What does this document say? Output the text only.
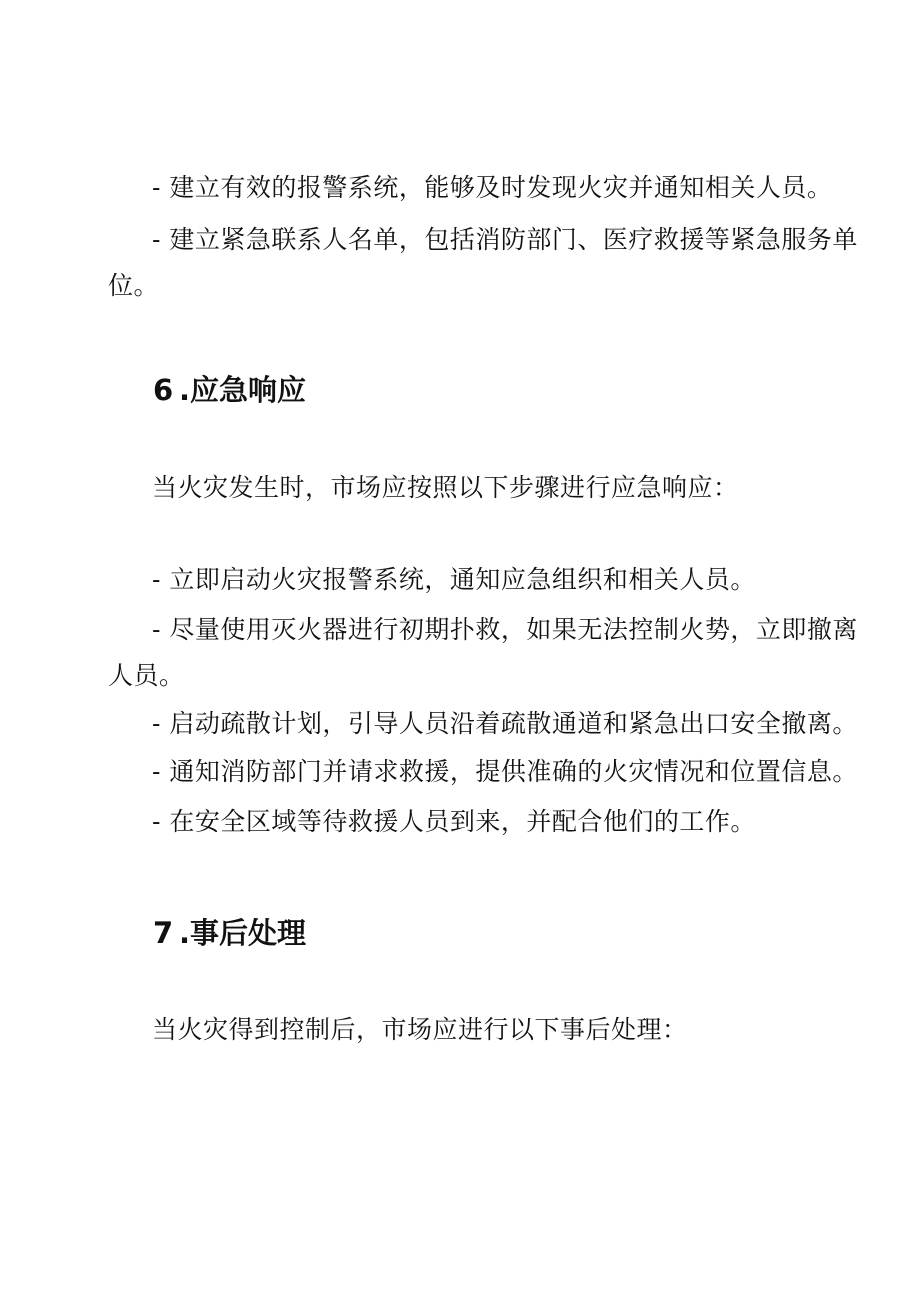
- 建立有效的报警系统，能够及时发现火灾并通知相关人员。
- 建立紧急联系人名单，包括消防部门、医疗救援等紧急服务单
位。
6 .应急响应
当火灾发生时，市场应按照以下步骤进行应急响应：
- 立即启动火灾报警系统，通知应急组织和相关人员。
- 尽量使用灭火器进行初期扑救，如果无法控制火势，立即撤离
人员。
- 启动疏散计划，引导人员沿着疏散通道和紧急出口安全撤离。
- 通知消防部门并请求救援，提供准确的火灾情况和位置信息。
- 在安全区域等待救援人员到来，并配合他们的工作。
7 .事后处理
当火灾得到控制后，市场应进行以下事后处理：
